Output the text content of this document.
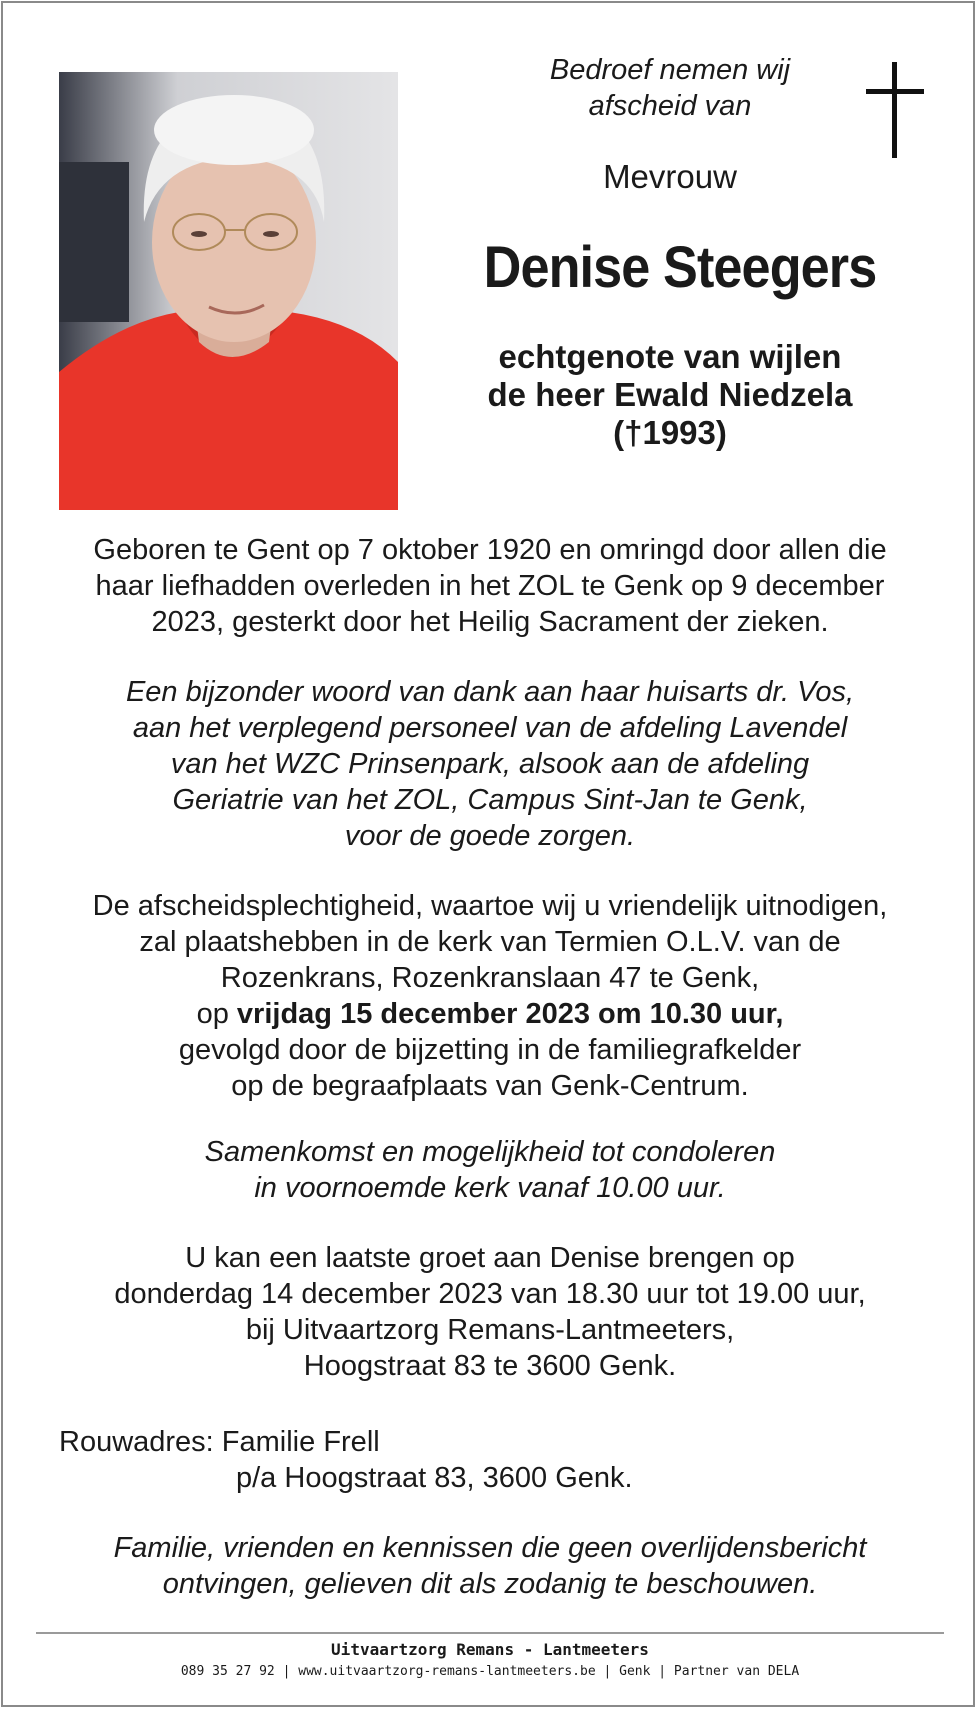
Bedroef nemen wij
afscheid van
Mevrouw
Denise Steegers
echtgenote van wijlen
de heer Ewald Niedzela
(†1993)
Geboren te Gent op 7 oktober 1920 en omringd door allen die
haar liefhadden overleden in het ZOL te Genk op 9 december
2023, gesterkt door het Heilig Sacrament der zieken.
Een bijzonder woord van dank aan haar huisarts dr. Vos,
aan het verplegend personeel van de afdeling Lavendel
van het WZC Prinsenpark, alsook aan de afdeling
Geriatrie van het ZOL, Campus Sint-Jan te Genk,
voor de goede zorgen.
De afscheidsplechtigheid, waartoe wij u vriendelijk uitnodigen,
zal plaatshebben in de kerk van Termien O.L.V. van de
Rozenkrans, Rozenkranslaan 47 te Genk,
op vrijdag 15 december 2023 om 10.30 uur,
gevolgd door de bijzetting in de familiegrafkelder
op de begraafplaats van Genk-Centrum.
Samenkomst en mogelijkheid tot condoleren
in voornoemde kerk vanaf 10.00 uur.
U kan een laatste groet aan Denise brengen op
donderdag 14 december 2023 van 18.30 uur tot 19.00 uur,
bij Uitvaartzorg Remans-Lantmeeters,
Hoogstraat 83 te 3600 Genk.
Rouwadres: Familie Frell
p/a Hoogstraat 83, 3600 Genk.
Familie, vrienden en kennissen die geen overlijdensbericht
ontvingen, gelieven dit als zodanig te beschouwen.
Uitvaartzorg Remans - Lantmeeters
089 35 27 92 | www.uitvaartzorg-remans-lantmeeters.be | Genk | Partner van DELA
